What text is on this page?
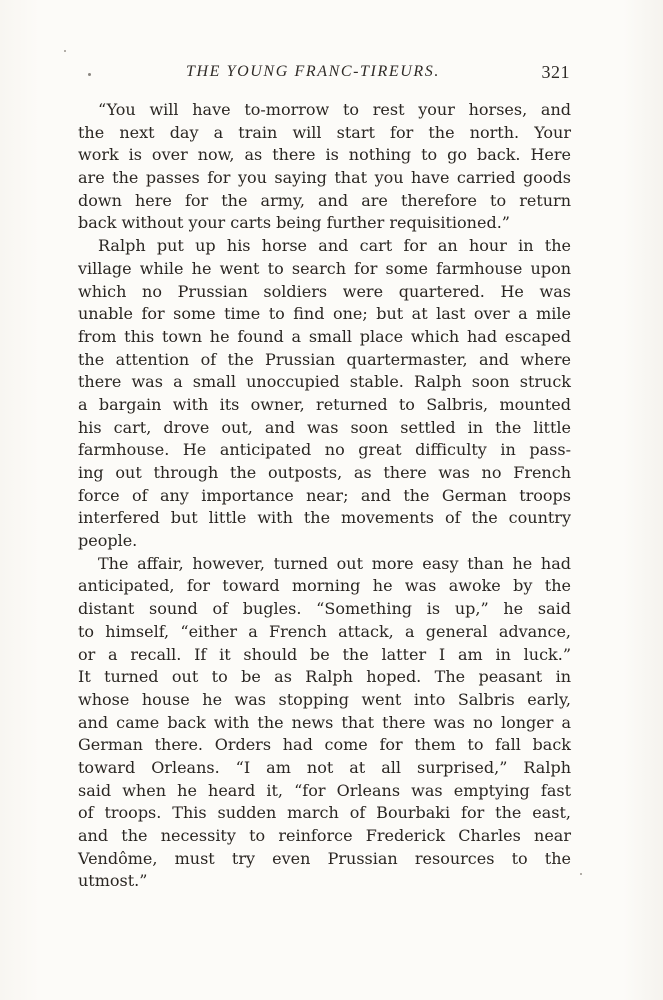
THE YOUNG FRANC-TIREURS.	321
“You will have to-morrow to rest your horses, and
the next day a train will start for the north. Your
work is over now, as there is nothing to go back. Here
are the passes for you saying that you have carried goods
down here for the army, and are therefore to return
back without your carts being further requisitioned.”
Ralph put up his horse and cart for an hour in the
village while he went to search for some farmhouse upon
which no Prussian soldiers were quartered. He was
unable for some time to find one; but at last over a mile
from this town he found a small place which had escaped
the attention of the Prussian quartermaster, and where
there was a small unoccupied stable. Ralph soon struck
a bargain with its owner, returned to Salbris, mounted
his cart, drove out, and was soon settled in the little
farmhouse. He anticipated no great difficulty in pass-
ing out through the outposts, as there was no French
force of any importance near; and the German troops
interfered but little with the movements of the country
people.
The affair, however, turned out more easy than he had
anticipated, for toward morning he was awoke by the
distant sound of bugles. “Something is up,” he said
to himself, “either a French attack, a general advance,
or a recall. If it should be the latter I am in luck.”
It turned out to be as Ralph hoped. The peasant in
whose house he was stopping went into Salbris early,
and came back with the news that there was no longer a
German there. Orders had come for them to fall back
toward Orleans. “I am not at all surprised,” Ralph
said when he heard it, “for Orleans was emptying fast
of troops. This sudden march of Bourbaki for the east,
and the necessity to reinforce Frederick Charles near
Vendôme, must try even Prussian resources to the
utmost.”
